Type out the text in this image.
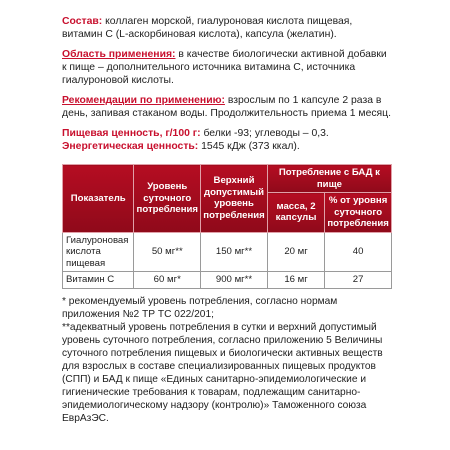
Состав: коллаген морской, гиалуроновая кислота пищевая, витамин С (L-аскорбиновая кислота), капсула (желатин).

Область применения: в качестве биологически активной добавки к пище – дополнительного источника витамина С, источника гиалуроновой кислоты.

Рекомендации по применению: взрослым по 1 капсуле 2 раза в день, запивая стаканом воды. Продолжительность приема 1 месяц.

Пищевая ценность, г/100 г: белки -93; углеводы – 0,3.

Энергетическая ценность: 1545 кДж (373 ккал).

Показатель	Уровень суточного потребления	Верхний допустимый уровень потребления	Потребление с БАД к пище	
			масса, 2 капсулы	% от уровня суточного потребления
Гиалуроновая кислота пищевая	50 мг**	150 мг**	20 мг	40
Витамин С	60 мг*	900 мг**	16 мг	27

* рекомендуемый уровень потребления, согласно нормам приложения №2 ТР ТС 022/201;

**адекватный уровень потребления в сутки и верхний допустимый уровень суточного потребления, согласно приложению 5 Величины суточного потребления пищевых и биологически активных веществ для взрослых в составе специализированных пищевых продуктов (СПП) и БАД к пище «Единых санитарно-эпидемиологические и гигиенические требования к товарам, подлежащим санитарно-эпидемиологическому надзору (контролю)» Таможенного союза ЕврАзЭС.
